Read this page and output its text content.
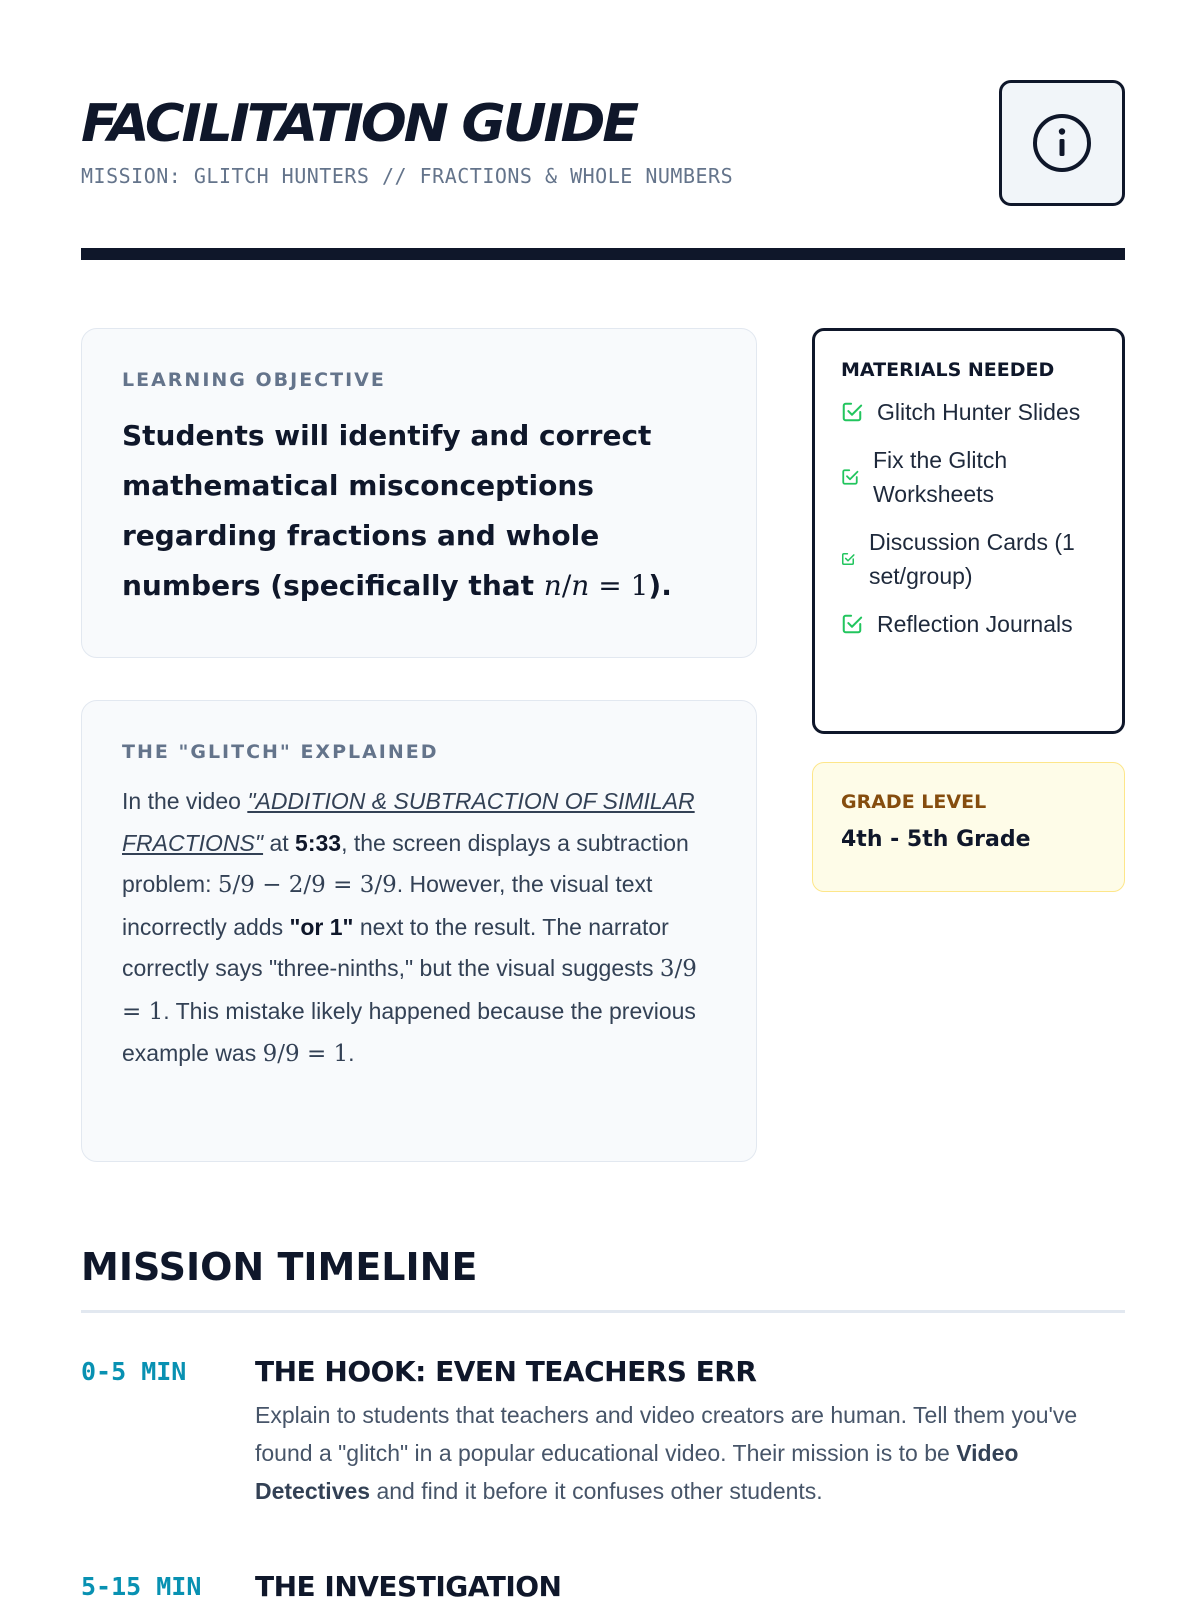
FACILITATION GUIDE
MISSION: GLITCH HUNTERS // FRACTIONS & WHOLE NUMBERS
LEARNING OBJECTIVE
Students will identify and correct mathematical misconceptions regarding fractions and whole numbers (specifically that n/n = 1).
THE "GLITCH" EXPLAINED
In the video "ADDITION & SUBTRACTION OF SIMILAR FRACTIONS" at 5:33, the screen displays a subtraction problem: 5/9 − 2/9 = 3/9. However, the visual text incorrectly adds "or 1" next to the result. The narrator correctly says "three-ninths," but the visual suggests 3/9 = 1. This mistake likely happened because the previous example was 9/9 = 1.
MATERIALS NEEDED
Glitch Hunter Slides
Fix the Glitch Worksheets
Discussion Cards (1 set/group)
Reflection Journals
GRADE LEVEL
4th - 5th Grade
MISSION TIMELINE
0-5 MIN THE HOOK: EVEN TEACHERS ERR
Explain to students that teachers and video creators are human. Tell them you've found a "glitch" in a popular educational video. Their mission is to be Video Detectives and find it before it confuses other students.
5-15 MIN THE INVESTIGATION
